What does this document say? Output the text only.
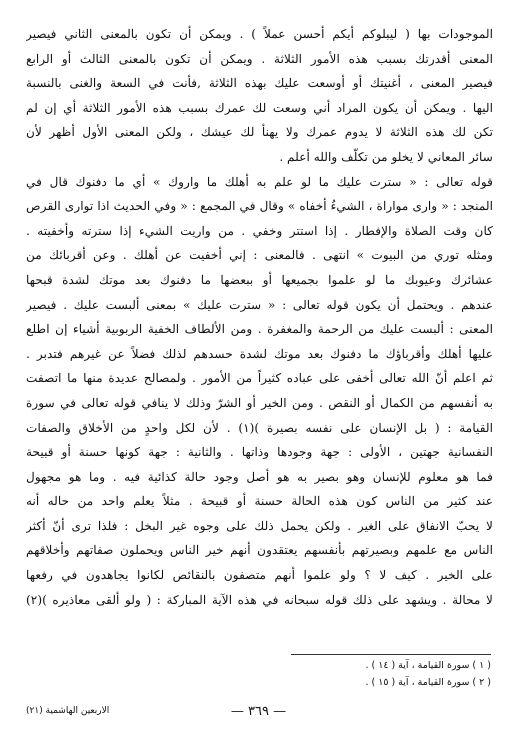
الموجودات بها ( ليبلوكم أيكم أحسن عملاً ) . ويمكن أن تكون بالمعنى الثاني فيصير
المعنى أقدرتك بسبب هذه الأمور الثلاثة . ويمكن أن تكون بالمعنى الثالث أو الرابع
فيصير المعنى ، أغنيتك أو أوسعت عليك بهذه الثلاثة ,فأنت في السعة والغنى بالنسبة
اليها . ويمكن أن يكون المراد أني وسعت لك عمرك بسبب هذه الأمور الثلاثة أي إن لم
تكن لك هذه الثلاثة لا يدوم عمرك ولا يهنأ لك عيشك ، ولكن المعنى الأول أظهر لأن
سائر المعاني لا يخلو من تكلّف والله أعلم .
قوله تعالى : « سترت عليك ما لو علم به أهلك ما واروك » أي ما دفنوك قال في
المنجد : « وارى مواراة ، الشيءُ أخفاه » وقال في المجمع : « وفي الحديث اذا توارى القرص
كان وقت الصلاة والإفطار . إذا استتر وخفي . من واريت الشيء إذا سترته وأخفيته .
ومثله توري من البيوت » انتهى . فالمعنى : إني أخفيت عن أهلك . وعن أقربائك من
عشائرك وعيوبك ما لو علموا بجميعها أو ببعضها ما دفنوك بعد موتك لشدة قبحها
عندهم . ويحتمل أن يكون قوله تعالى : « سترت عليك » بمعنى ألبست عليك . فيصير
المعنى : ألبست عليك من الرحمة والمغفرة . ومن الألطاف الخفية الربوبية أشياء إن اطلع
عليها أهلك وأقرباؤك ما دفنوك بعد موتك لشدة حسدهم لذلك فضلاً عن غيرهم فتدبر .
ثم اعلم أنّ الله تعالى أخفى على عباده كثيراً من الأمور . ولمصالح عديدة منها ما اتصفت
به أنفسهم من الكمال أو النقص . ومن الخير أو الشرّ وذلك لا ينافي قوله تعالى في سورة
القيامة : ( بل الإنسان على نفسه بصيرة )(١) . لأن لكل واحدٍ من الأخلاق والصفات
النفسانية جهتين ، الأولى : جهة وجودها وذاتها . والثانية : جهة كونها حسنة أو قبيحة
فما هو معلوم للإنسان وهو بصير به هو أصل وجود حالة كذائية فيه . وما هو مجهول
عند كثير من الناس كون هذه الحالة حسنة أو قبيحة . مثلاً يعلم واحد من حاله أنه
لا يحبّ الانفاق على الغير . ولكن يحمل ذلك على وجوه غير البخل : فلذا ترى أنّ أكثر
الناس مع علمهم وبصيرتهم بأنفسهم يعتقدون أنهم خير الناس ويحملون صفاتهم وأخلاقهم
على الخير . كيف لا ؟ ولو علموا أنهم متصفون بالنقائص لكانوا يجاهدون في رفعها
لا محالة . ويشهد على ذلك قوله سبحانه في هذه الآية المباركة : ( ولو ألقى معاذيره )(٢)
( ١ ) سورة القيامة ، آية ( ١٤ ) .
( ٢ ) سورة القيامة ، آية ( ١٥ ) .
— ٣٦٩ —
الاربعين الهاشمية (٢١)
